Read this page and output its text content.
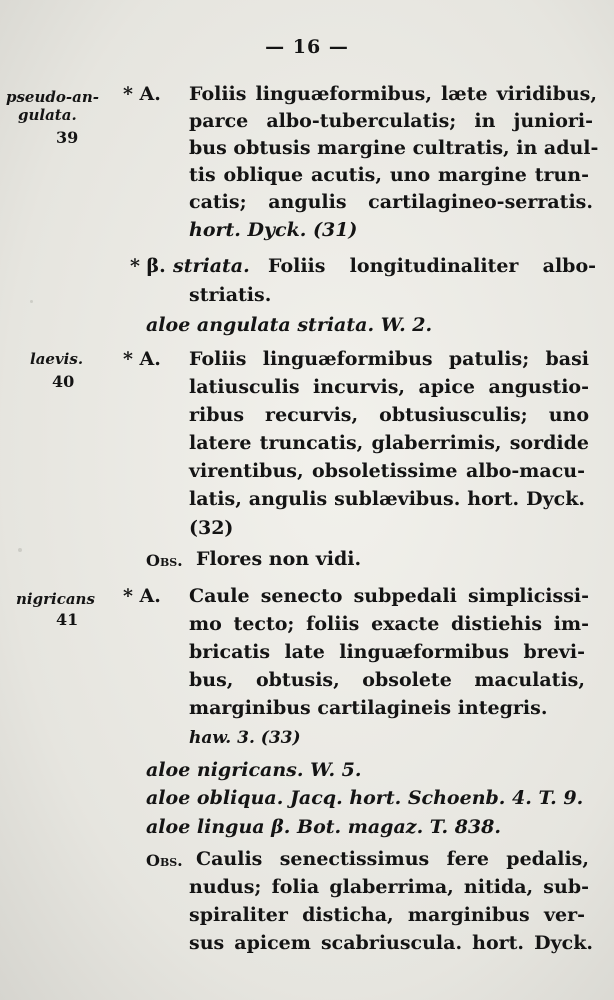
— 16 —
pseudo-an-
gulata.
39
* A. Foliis linguæformibus, læte viridibus,
parce albo-tuberculatis; in juniori-
bus obtusis margine cultratis, in adul-
tis oblique acutis, uno margine trun-
catis; angulis cartilagineo-serratis.
hort. Dyck. (31)
* β. striata. Foliis longitudinaliter albo-
striatis.
aloe angulata striata. W. 2.
laevis.
40
* A. Foliis linguæformibus patulis; basi
latiusculis incurvis, apice angustio-
ribus recurvis, obtusiusculis; uno
latere truncatis, glaberrimis, sordide
virentibus, obsoletissime albo-macu-
latis, angulis sublævibus. hort. Dyck.
(32)
Obs. Flores non vidi.
nigricans
41
* A. Caule senecto subpedali simplicissi-
mo tecto; foliis exacte distiehis im-
bricatis late linguæformibus brevi-
bus, obtusis, obsolete maculatis,
marginibus cartilagineis integris.
haw. 3. (33)
aloe nigricans. W. 5.
aloe obliqua. Jacq. hort. Schoenb. 4. T. 9.
aloe lingua β. Bot. magaz. T. 838.
Obs. Caulis senectissimus fere pedalis,
nudus; folia glaberrima, nitida, sub-
spiraliter disticha, marginibus ver-
sus apicem scabriuscula. hort. Dyck.
